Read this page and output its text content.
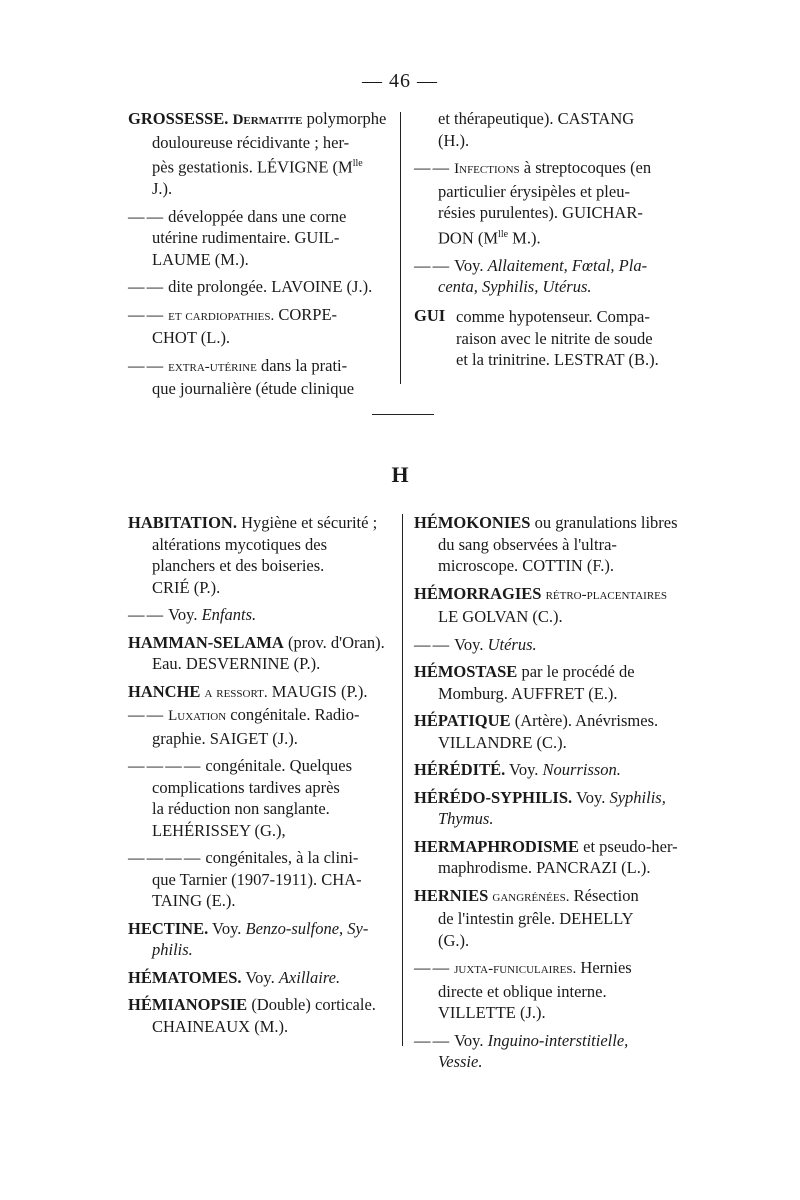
— 46 —
GROSSESSE. Dermatite polymorphe
douloureuse récidivante ; her-
pès gestationis. LÉVIGNE ($M^{lle}$
J.).
— — développée dans une corne
utérine rudimentaire. GUIL-
LAUME (M.).
— — dite prolongée. LAVOINE (J.).
— — et cardiopathies. CORPE-
CHOT (L.).
— — extra-utérine dans la prati-
que journalière (étude clinique
et thérapeutique). CASTANG
(H.).
— — Infections à streptocoques (en
particulier érysipèles et pleu-
résies purulentes). GUICHAR-
DON ($M^{lle}$ M.).
— — Voy. Allaitement, Fœtal, Pla-
centa, Syphilis, Utérus.
GUI comme hypotenseur. Compa-
raison avec le nitrite de soude
et la trinitrine. LESTRAT (B.).
H
HABITATION. Hygiène et sécurité ;
altérations mycotiques des
planchers et des boiseries.
CRIÉ (P.).
— — Voy. Enfants.
HAMMAN-SELAMA (prov. d'Oran).
Eau. DESVERNINE (P.).
HANCHE a ressort. MAUGIS (P.).
— — Luxation congénitale. Radio-
graphie. SAIGET (J.).
— — — — congénitale. Quelques
complications tardives après
la réduction non sanglante.
LEHÉRISSEY (G.),
— — — — congénitales, à la clini-
que Tarnier (1907-1911). CHA-
TAING (E.).
HECTINE. Voy. Benzo-sulfone, Sy-
philis.
HÉMATOMES. Voy. Axillaire.
HÉMIANOPSIE (Double) corticale.
CHAINEAUX (M.).
HÉMOKONIES ou granulations libres
du sang observées à l'ultra-
microscope. COTTIN (F.).
HÉMORRAGIES rétro-placentaires
LE GOLVAN (C.).
— — Voy. Utérus.
HÉMOSTASE par le procédé de
Momburg. AUFFRET (E.).
HÉPATIQUE (Artère). Anévrismes.
VILLANDRE (C.).
HÉRÉDITÉ. Voy. Nourrisson.
HÉRÉDO-SYPHILIS. Voy. Syphilis,
Thymus.
HERMAPHRODISME et pseudo-her-
maphrodisme. PANCRAZI (L.).
HERNIES gangrénées. Résection
de l'intestin grêle. DEHELLY
(G.).
— — juxta-funiculaires. Hernies
directe et oblique interne.
VILLETTE (J.).
— — Voy. Inguino-interstitielle,
Vessie.
